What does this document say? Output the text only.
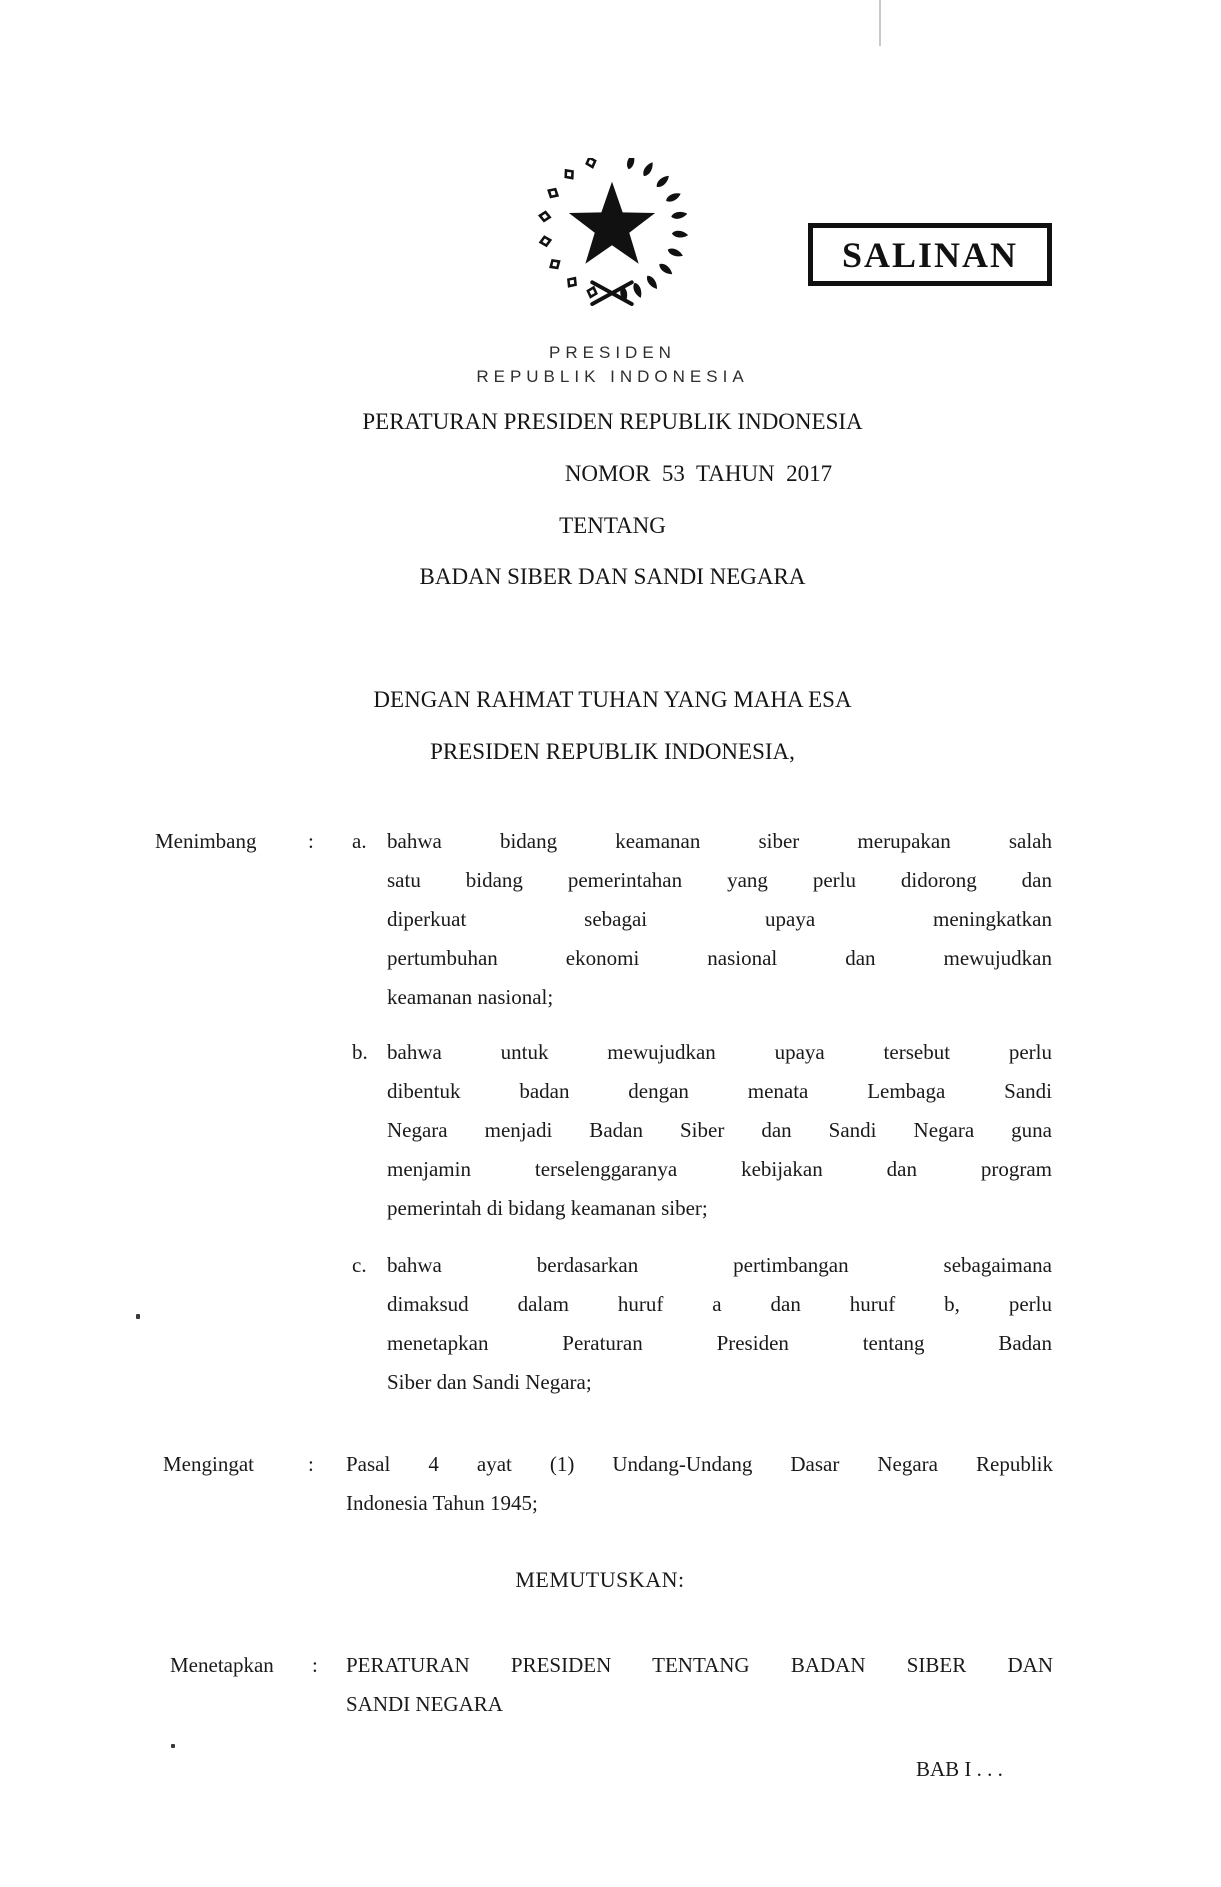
SALINAN
PRESIDEN
REPUBLIK INDONESIA
PERATURAN PRESIDEN REPUBLIK INDONESIA
NOMOR  53  TAHUN  2017
TENTANG
BADAN SIBER DAN SANDI NEGARA
DENGAN RAHMAT TUHAN YANG MAHA ESA
PRESIDEN REPUBLIK INDONESIA,
Menimbang : a. bahwa bidang keamanan siber merupakan salah
satu bidang pemerintahan yang perlu didorong dan
diperkuat sebagai upaya meningkatkan
pertumbuhan ekonomi nasional dan mewujudkan
keamanan nasional;
b. bahwa untuk mewujudkan upaya tersebut perlu
dibentuk badan dengan menata Lembaga Sandi
Negara menjadi Badan Siber dan Sandi Negara guna
menjamin terselenggaranya kebijakan dan program
pemerintah di bidang keamanan siber;
c. bahwa berdasarkan pertimbangan sebagaimana
dimaksud dalam huruf a dan huruf b, perlu
menetapkan Peraturan Presiden tentang Badan
Siber dan Sandi Negara;
Mengingat	: Pasal 4 ayat (1) Undang-Undang Dasar Negara Republik
Indonesia Tahun 1945;
MEMUTUSKAN:
Menetapkan : PERATURAN PRESIDEN TENTANG BADAN SIBER DAN
SANDI NEGARA
BAB I . . .
